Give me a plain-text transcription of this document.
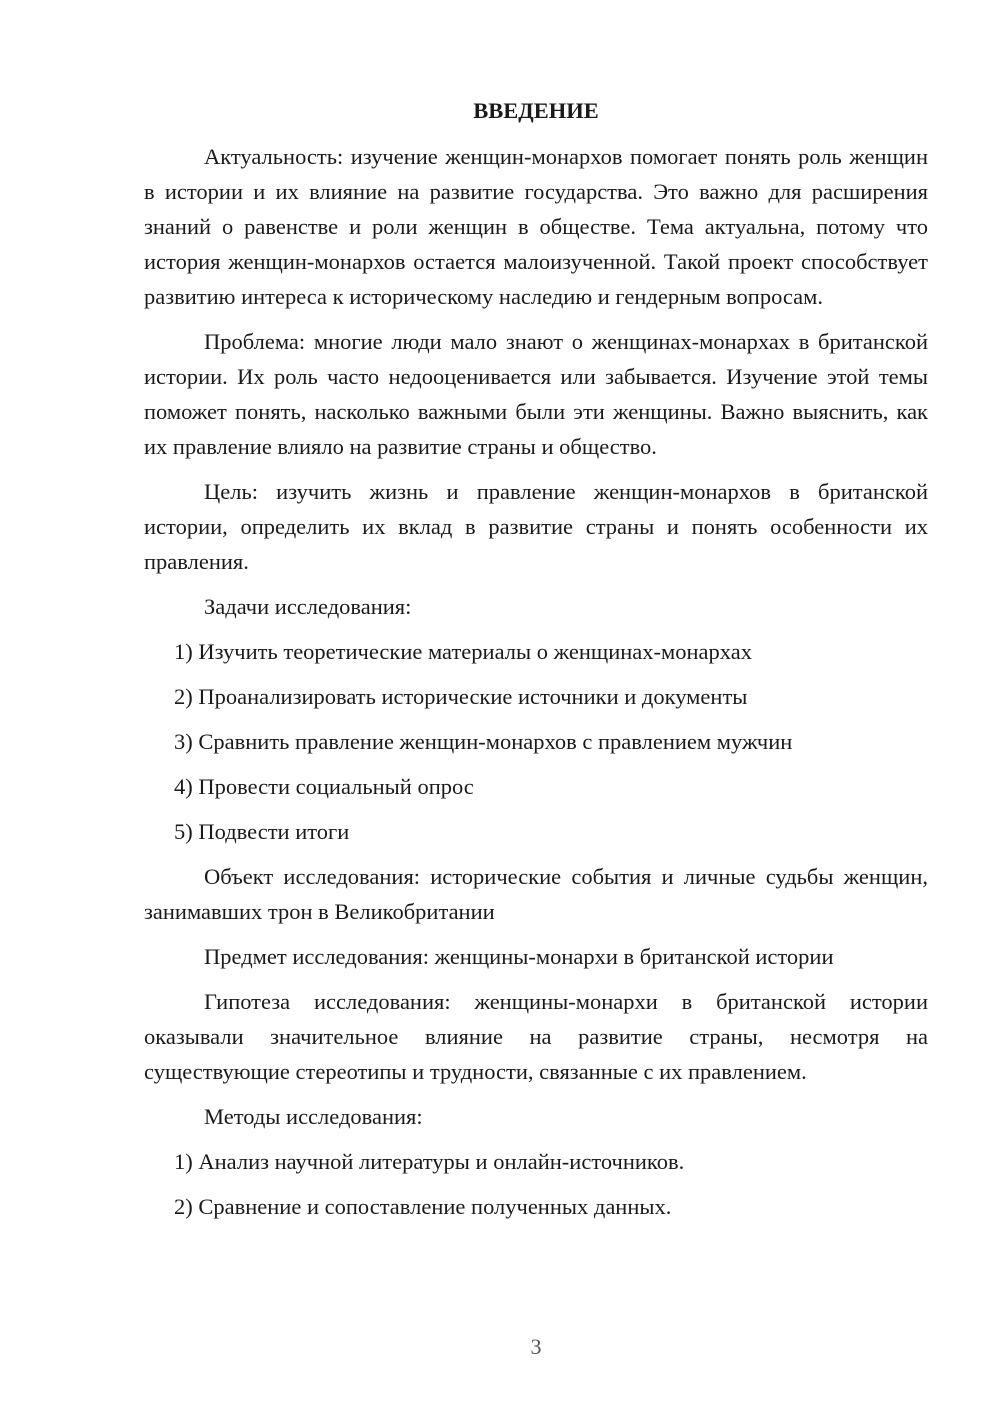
ВВЕДЕНИЕ

Актуальность: изучение женщин-монархов помогает понять роль женщин в истории и их влияние на развитие государства. Это важно для расширения знаний о равенстве и роли женщин в обществе. Тема актуальна, потому что история женщин-монархов остается малоизученной. Такой проект способствует развитию интереса к историческому наследию и гендерным вопросам.

Проблема: многие люди мало знают о женщинах-монархах в британской истории. Их роль часто недооценивается или забывается. Изучение этой темы поможет понять, насколько важными были эти женщины. Важно выяснить, как их правление влияло на развитие страны и общество.

Цель: изучить жизнь и правление женщин-монархов в британской истории, определить их вклад в развитие страны и понять особенности их правления.

Задачи исследования:

1) Изучить теоретические материалы о женщинах-монархах

2) Проанализировать исторические источники и документы

3) Сравнить правление женщин-монархов с правлением мужчин

4) Провести социальный опрос

5) Подвести итоги

Объект исследования: исторические события и личные судьбы женщин, занимавших трон в Великобритании

Предмет исследования: женщины-монархи в британской истории

Гипотеза исследования: женщины-монархи в британской истории оказывали значительное влияние на развитие страны, несмотря на существующие стереотипы и трудности, связанные с их правлением.

Методы исследования:

1) Анализ научной литературы и онлайн-источников.

2) Сравнение и сопоставление полученных данных.

3
